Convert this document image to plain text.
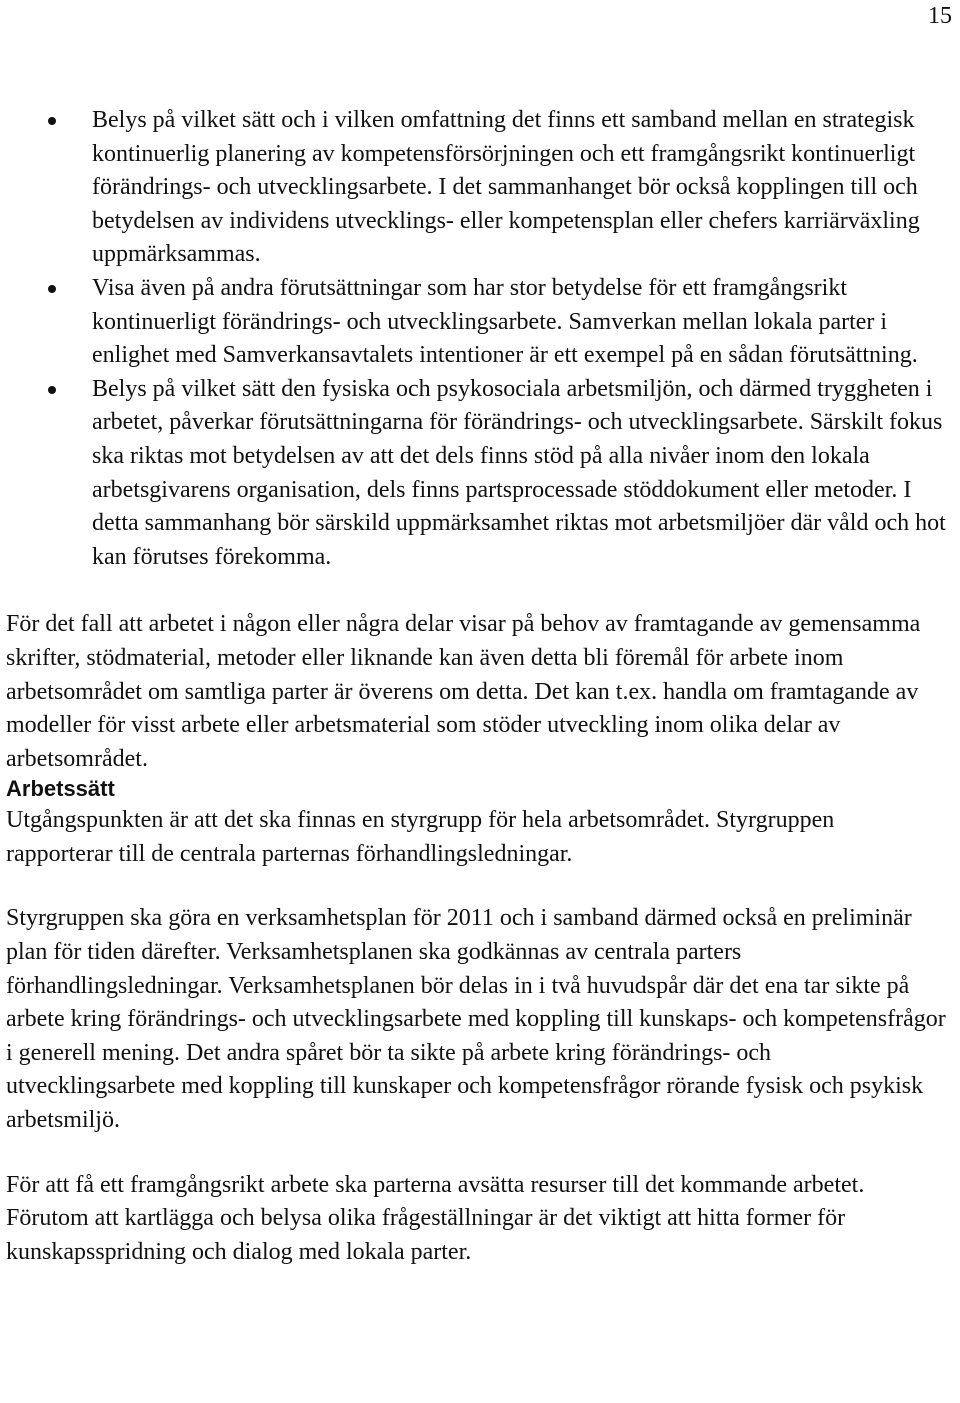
15

Belys på vilket sätt och i vilken omfattning det finns ett samband mellan en strategisk kontinuerlig planering av kompetensförsörjningen och ett framgångsrikt kontinuerligt förändrings- och utvecklingsarbete. I det sammanhanget bör också kopplingen till och betydelsen av individens utvecklings- eller kompetensplan eller chefers karriärväxling uppmärksammas.

Visa även på andra förutsättningar som har stor betydelse för ett framgångsrikt kontinuerligt förändrings- och utvecklingsarbete. Samverkan mellan lokala parter i enlighet med Samverkansavtalets intentioner är ett exempel på en sådan förutsättning.

Belys på vilket sätt den fysiska och psykosociala arbetsmiljön, och därmed tryggheten i arbetet, påverkar förutsättningarna för förändrings- och utvecklingsarbete. Särskilt fokus ska riktas mot betydelsen av att det dels finns stöd på alla nivåer inom den lokala arbetsgivarens organisation, dels finns partsprocessade stöddokument eller metoder. I detta sammanhang bör särskild uppmärksamhet riktas mot arbetsmiljöer där våld och hot kan förutses förekomma.

För det fall att arbetet i någon eller några delar visar på behov av framtagande av gemensamma skrifter, stödmaterial, metoder eller liknande kan även detta bli föremål för arbete inom arbetsområdet om samtliga parter är överens om detta. Det kan t.ex. handla om framtagande av modeller för visst arbete eller arbetsmaterial som stöder utveckling inom olika delar av arbetsområdet.

Arbetssätt

Utgångspunkten är att det ska finnas en styrgrupp för hela arbetsområdet. Styrgruppen rapporterar till de centrala parternas förhandlingsledningar.

Styrgruppen ska göra en verksamhetsplan för 2011 och i samband därmed också en preliminär plan för tiden därefter. Verksamhetsplanen ska godkännas av centrala parters förhandlingsledningar. Verksamhetsplanen bör delas in i två huvudspår där det ena tar sikte på arbete kring förändrings- och utvecklingsarbete med koppling till kunskaps- och kompetensfrågor i generell mening. Det andra spåret bör ta sikte på arbete kring förändrings- och utvecklingsarbete med koppling till kunskaper och kompetensfrågor rörande fysisk och psykisk arbetsmiljö.

För att få ett framgångsrikt arbete ska parterna avsätta resurser till det kommande arbetet. Förutom att kartlägga och belysa olika frågeställningar är det viktigt att hitta former för kunskapsspridning och dialog med lokala parter.
